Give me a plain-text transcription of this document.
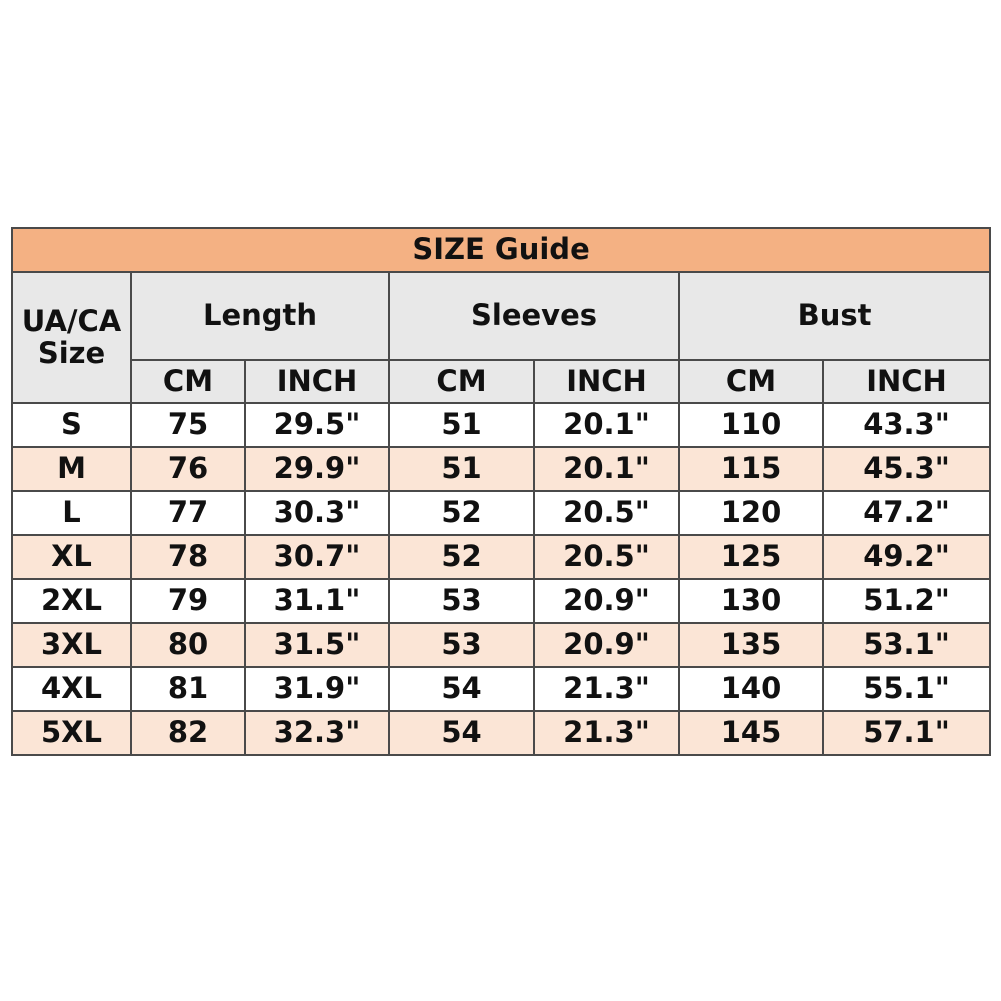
SIZE Guide						
UA/CA Size	Length		Sleeves		Bust	
	CM	INCH	CM	INCH	CM	INCH
S	75	29.5"	51	20.1"	110	43.3"
M	76	29.9"	51	20.1"	115	45.3"
L	77	30.3"	52	20.5"	120	47.2"
XL	78	30.7"	52	20.5"	125	49.2"
2XL	79	31.1"	53	20.9"	130	51.2"
3XL	80	31.5"	53	20.9"	135	53.1"
4XL	81	31.9"	54	21.3"	140	55.1"
5XL	82	32.3"	54	21.3"	145	57.1"
